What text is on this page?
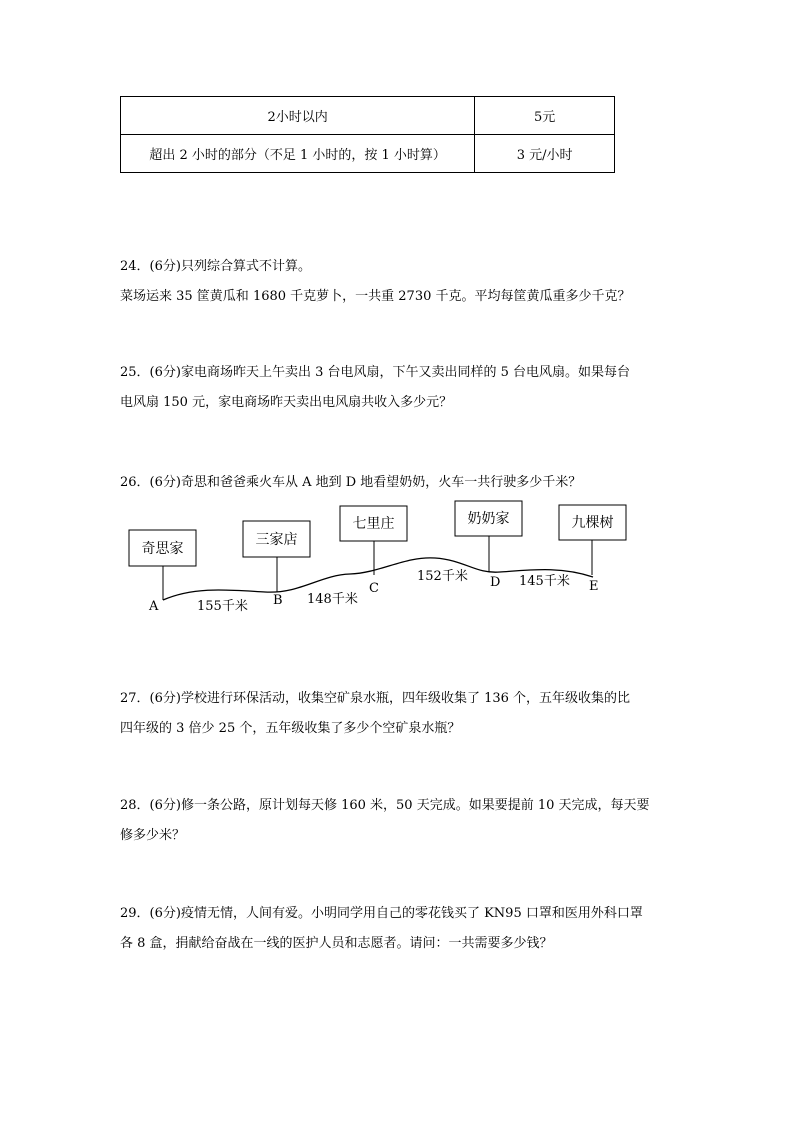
2小时以内	5元
超出 2 小时的部分（不足 1 小时的，按 1 小时算）	3 元/小时

24．(6分)只列综合算式不计算。

菜场运来 35 筐黄瓜和 1680 千克萝卜，一共重 2730 千克。平均每筐黄瓜重多少千克？

25．(6分)家电商场昨天上午卖出 3 台电风扇，下午又卖出同样的 5 台电风扇。如果每台

电风扇 150 元，家电商场昨天卖出电风扇共收入多少元？

26．(6分)奇思和爸爸乘火车从 A 地到 D 地看望奶奶，火车一共行驶多少千米？

奇思家
三家店
七里庄	奶奶家	九棵树
A	B
C	D	E
155千米	148千米
152千米	145千米

27．(6分)学校进行环保活动，收集空矿泉水瓶，四年级收集了 136 个，五年级收集的比

四年级的 3 倍少 25 个，五年级收集了多少个空矿泉水瓶？

28．(6分)修一条公路，原计划每天修 160 米，50 天完成。如果要提前 10 天完成，每天要

修多少米？

29．(6分)疫情无情，人间有爱。小明同学用自己的零花钱买了 KN95 口罩和医用外科口罩

各 8 盒，捐献给奋战在一线的医护人员和志愿者。请问：一共需要多少钱？
